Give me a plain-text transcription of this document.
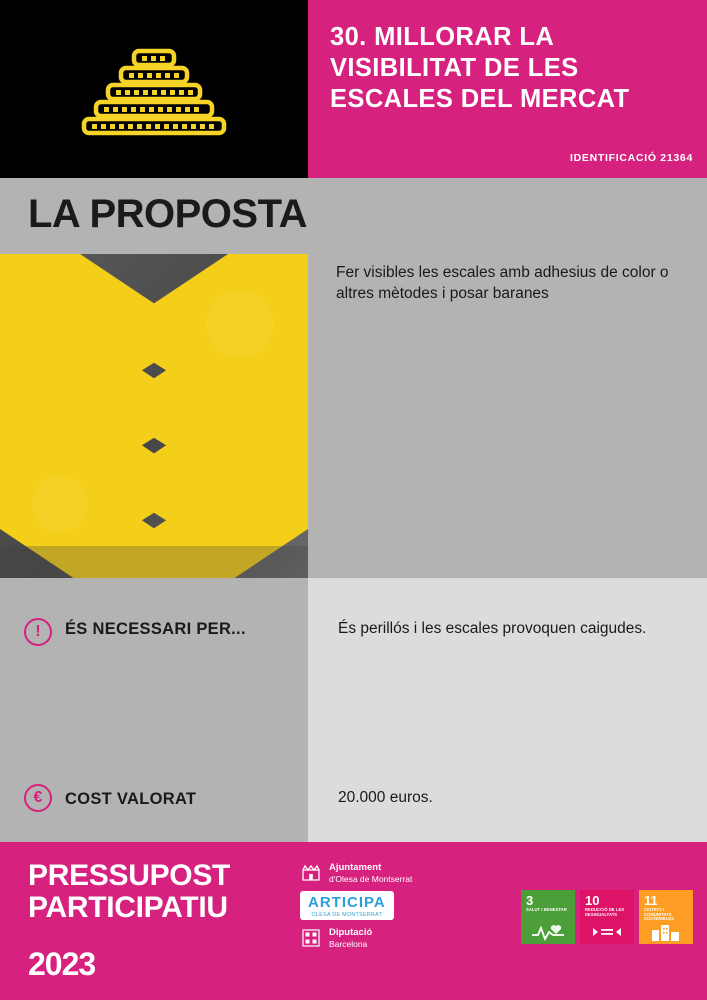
30. MILLORAR LA VISIBILITAT DE LES ESCALES DEL MERCAT
IDENTIFICACIÓ 21364
LA PROPOSTA
Fer visibles les escales amb adhesius de color o altres mètodes i posar baranes
!	ÉS NECESSARI PER...	És perillós i les escales provoquen caigudes.
€	COST VALORAT	20.000 euros.
PRESSUPOST
PARTICIPATIU
2023
Ajuntament
d'Olesa de Montserrat
ARTICIPA
OLESA DE MONTSERRAT
Diputació
Barcelona
3
SALUT I BENESTAR
10
REDUCCIÓ DE LES DESIGUALTATS
11
CIUTATS I COMUNITATS SOSTENIBLES
